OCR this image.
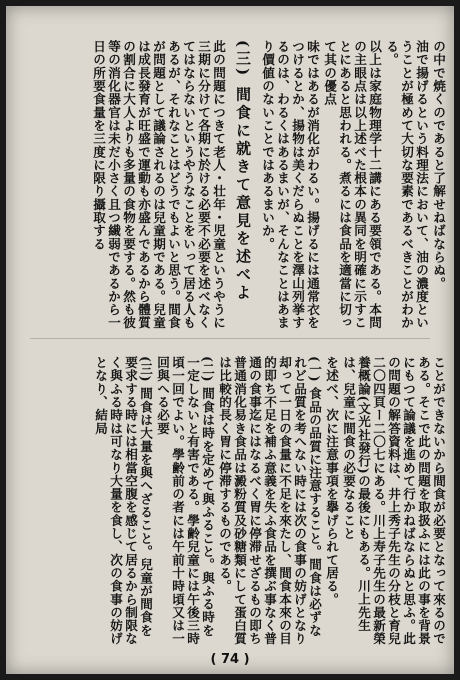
の中で焼くのであると了解せねばならぬ。

油で揚げるという料理法において、油の濃度ということが極めて大切な要素であるべきことがわかる。

以上は家庭物理学十二講にある要領である。本問の主眼点は以上述べた根本の異同を明確に示すことにあると思われる。煮るには食品を適當に切って其の優点

味ではあるが消化がわるい。揚げるには通常衣をつけるとか、揚物は美くだらぬことを澤山列挙するのは、わるくはあるまいが、そんなことはあまり價値のないことではあるまいか。

(三) 間食に就きて意見を述べよ

此の問題につきて老人・壮年・児童というやうに三期に分けて各期に於ける必要不必要を述べなくてはならないというやうなことをいって居る人もあるが、それなことはどうでもよいと思う。間食が問題として議論されるのは兒童期である。兒童は成長發育が旺盛で運動も亦盛んであるから體質の割合に大人よりも多量の食物を要する。然も彼等の消化器官は未だ小さく且つ繊弱であるから一日の所要食量を三度に限り攝取する

ことができないから間食が必要となって來るのである。そこで此の問題を取扱ふには此の事を背景にもつて論議を進めて行かねばならぬと思ふ。此の問題の解答資料は、井上秀子先生の分枝と育兒二〇四頁ー二〇七にある。川上寿子先生の最新榮養概論(文光社發行)の最後にもある。川上先生は、兒童に間食の必要なること

を述べ、次に注意事項を擧げられて居る。

(一) 食品の品質に注意すること。間食は必ずなれど品質を考へない時には次の食事の妨げとなり却って一日の食量に不足を來たし、間食本來の目的即ち不足を補ふ意義を失ふ食品を撰ぶ事なく普通の食事迄にはなるべく胃に停滞せざるもの即ち普通消化易き食品は澱粉質及砂糖類にして蛋白質は比較的長く胃に停滞するものである。

(二) 間食は時を定めて與ふること。與ふる時を一定しないと有害である。學齢兒童には午後三時頃一回でよい。學齢前の者には午前十時頃又は一回與へる必要

(三) 間食は大量を與へざること。兒童が間食を要求する時には相當空腹を感じて居るから制限なく與ふる時は可なり大量を食し、次の食事の妨げとなり、結局

( 74 )
